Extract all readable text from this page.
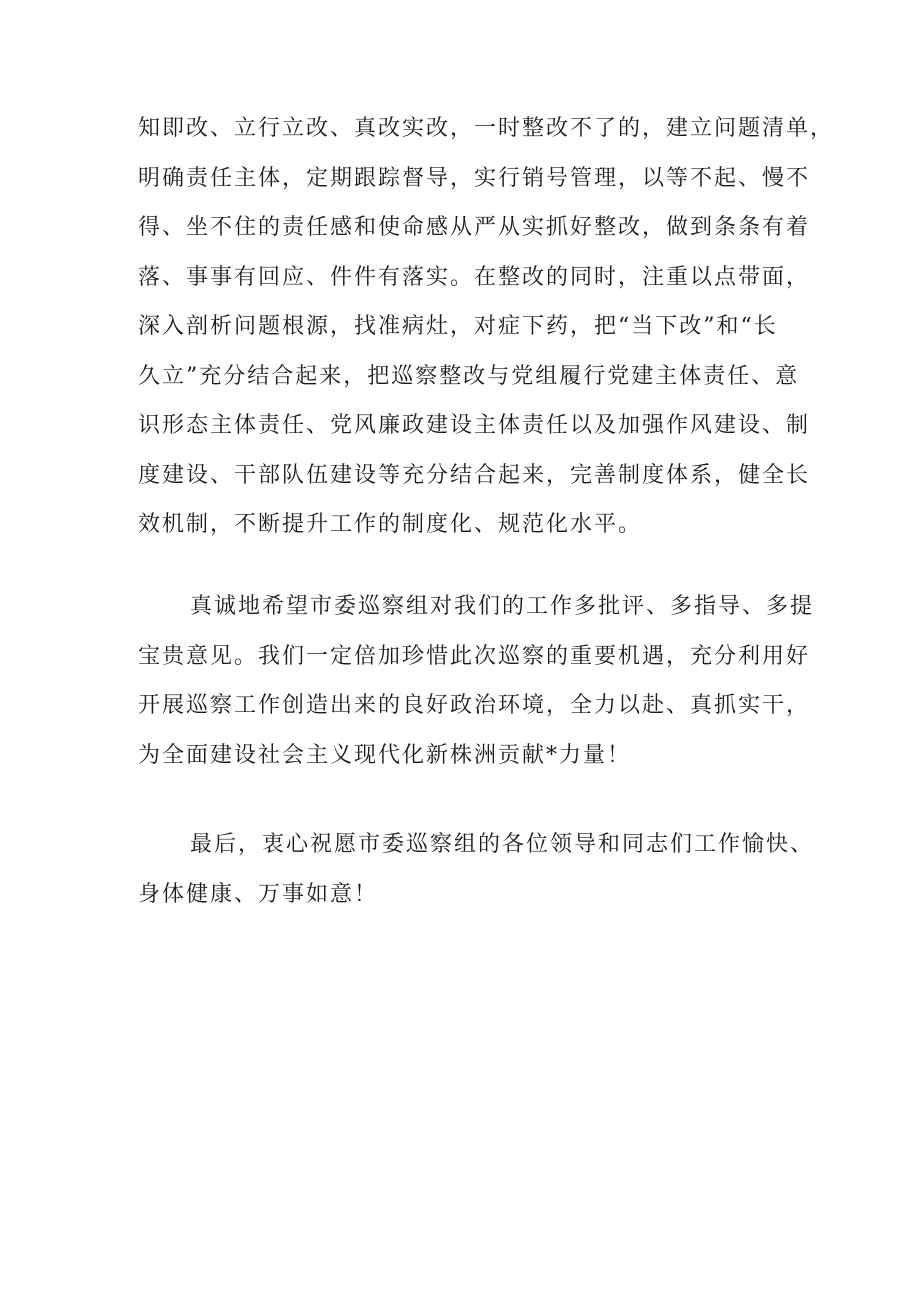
知即改、立行立改、真改实改，一时整改不了的，建立问题清单，
明确责任主体，定期跟踪督导，实行销号管理，以等不起、慢不
得、坐不住的责任感和使命感从严从实抓好整改，做到条条有着
落、事事有回应、件件有落实。在整改的同时，注重以点带面，
深入剖析问题根源，找准病灶，对症下药，把“当下改”和“长
久立”充分结合起来，把巡察整改与党组履行党建主体责任、意
识形态主体责任、党风廉政建设主体责任以及加强作风建设、制
度建设、干部队伍建设等充分结合起来，完善制度体系，健全长
效机制，不断提升工作的制度化、规范化水平。

真诚地希望市委巡察组对我们的工作多批评、多指导、多提
宝贵意见。我们一定倍加珍惜此次巡察的重要机遇，充分利用好
开展巡察工作创造出来的良好政治环境，全力以赴、真抓实干，
为全面建设社会主义现代化新株洲贡献*力量！

最后，衷心祝愿市委巡察组的各位领导和同志们工作愉快、
身体健康、万事如意！
